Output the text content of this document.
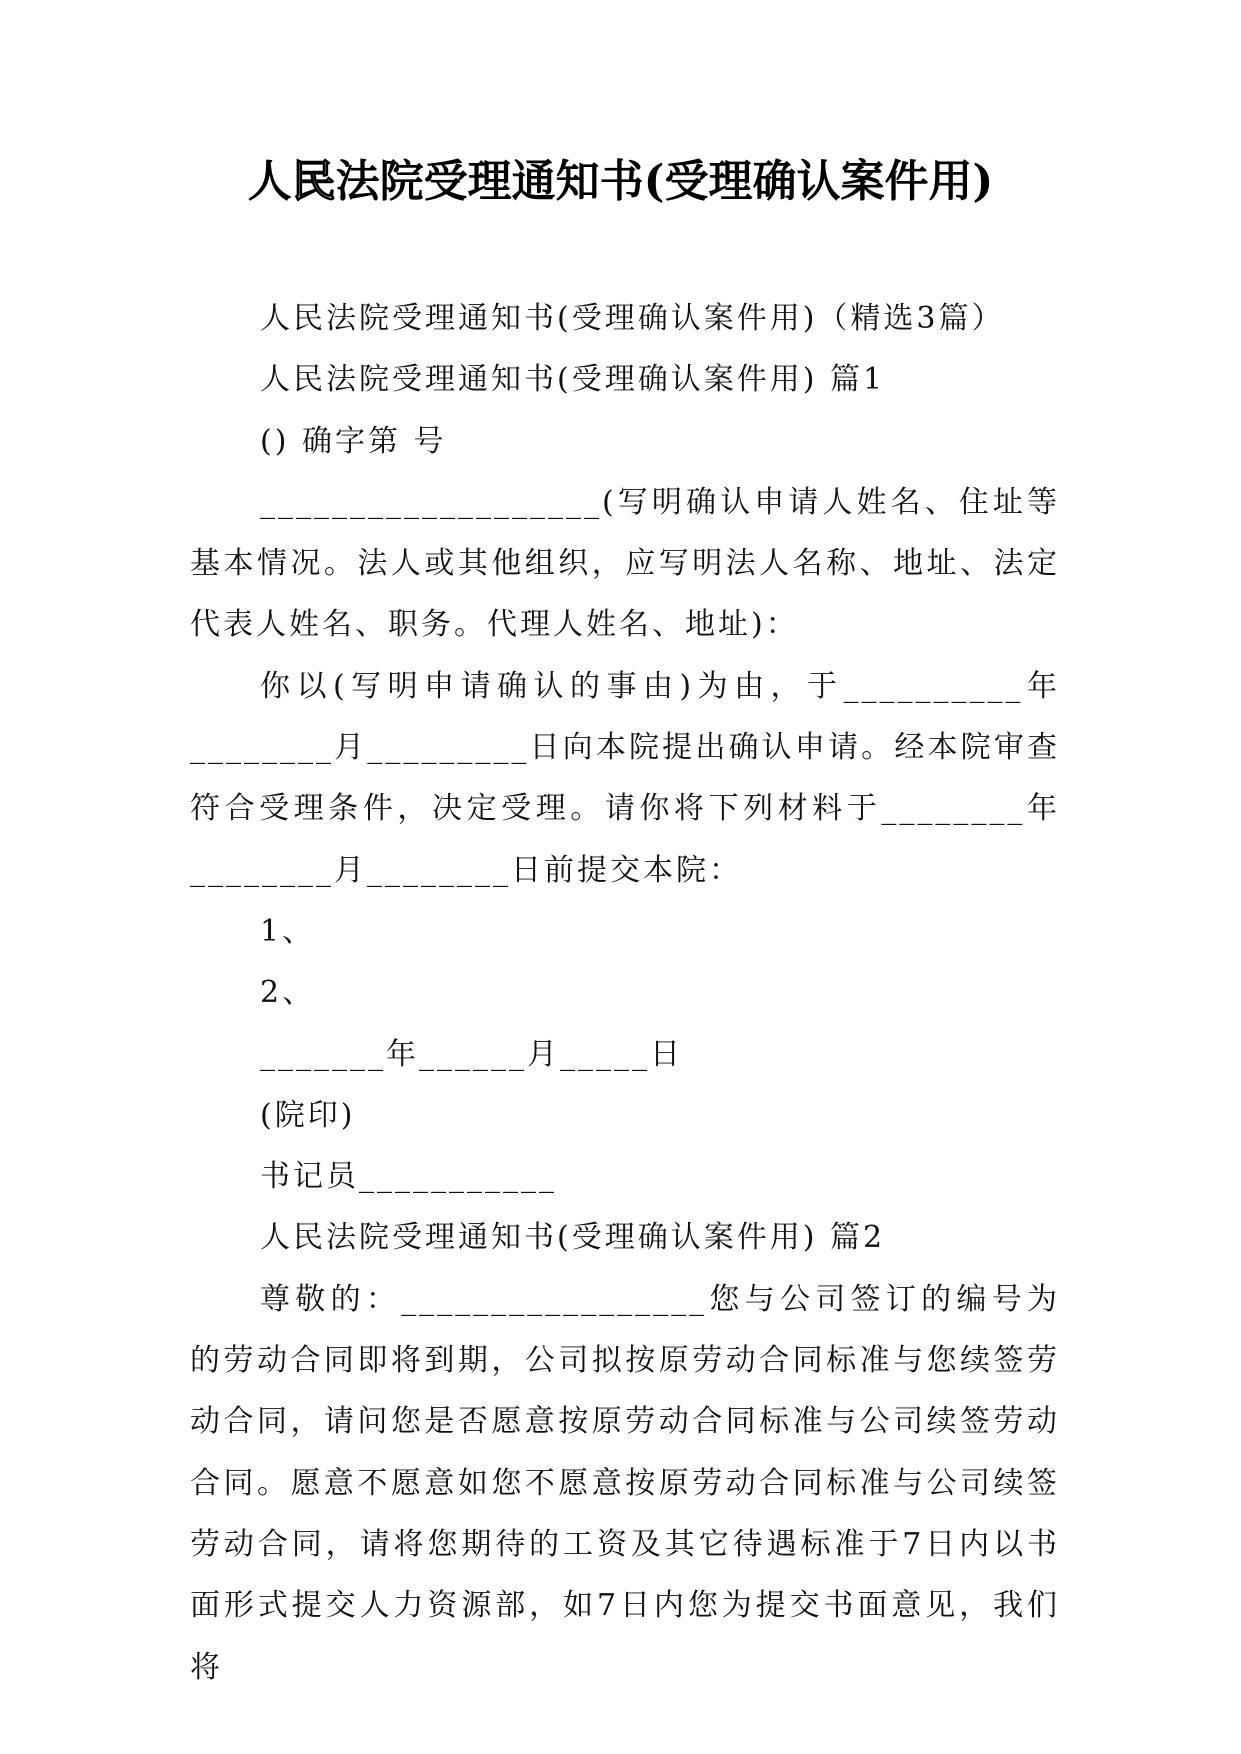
人民法院受理通知书(受理确认案件用)

人民法院受理通知书(受理确认案件用)（精选3篇）

人民法院受理通知书(受理确认案件用) 篇1

() 确字第 号

___________________(写明确认申请人姓名、住址等基本情况。法人或其他组织，应写明法人名称、地址、法定代表人姓名、职务。代理人姓名、地址)：

你以(写明申请确认的事由)为由，于__________年________月_________日向本院提出确认申请。经本院审查符合受理条件，决定受理。请你将下列材料于________年________月________日前提交本院：

1、

2、

_______年______月_____日

(院印)

书记员___________

人民法院受理通知书(受理确认案件用) 篇2

尊敬的：_________________您与公司签订的编号为的劳动合同即将到期，公司拟按原劳动合同标准与您续签劳动合同，请问您是否愿意按原劳动合同标准与公司续签劳动合同。愿意不愿意如您不愿意按原劳动合同标准与公司续签劳动合同，请将您期待的工资及其它待遇标准于7日内以书面形式提交人力资源部，如7日内您为提交书面意见，我们将
